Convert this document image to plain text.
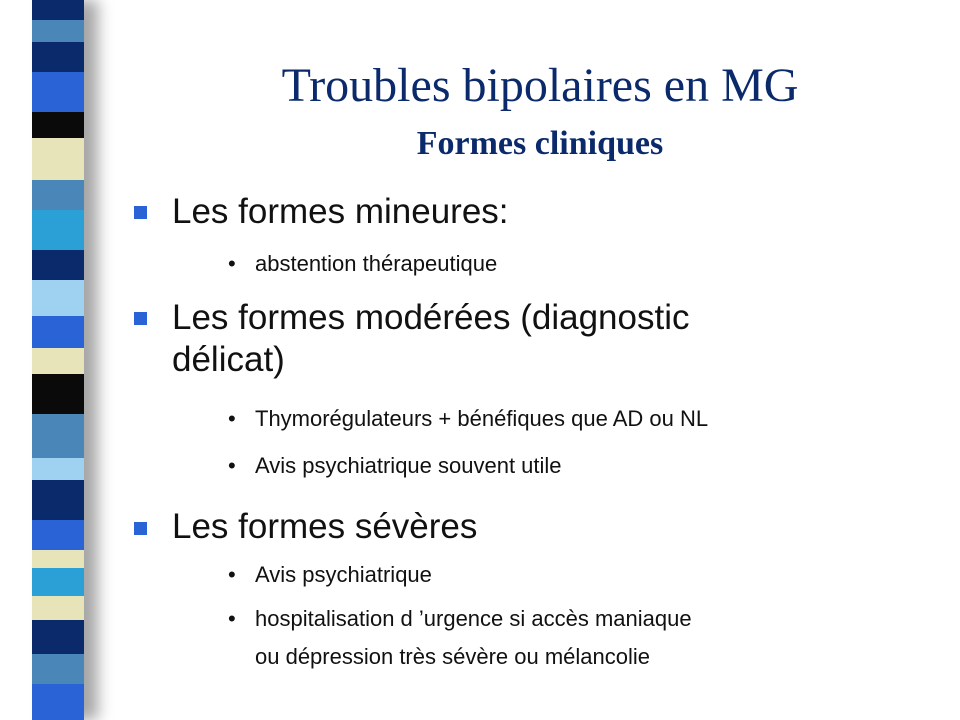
Troubles bipolaires en MG
Formes cliniques
Les formes mineures:
• abstention thérapeutique
Les formes modérées (diagnostic
délicat)
• Thymorégulateurs + bénéfiques que AD ou NL
• Avis psychiatrique souvent utile
Les formes sévères
• Avis psychiatrique
• hospitalisation d ’urgence si accès maniaque
ou dépression très sévère ou mélancolie
